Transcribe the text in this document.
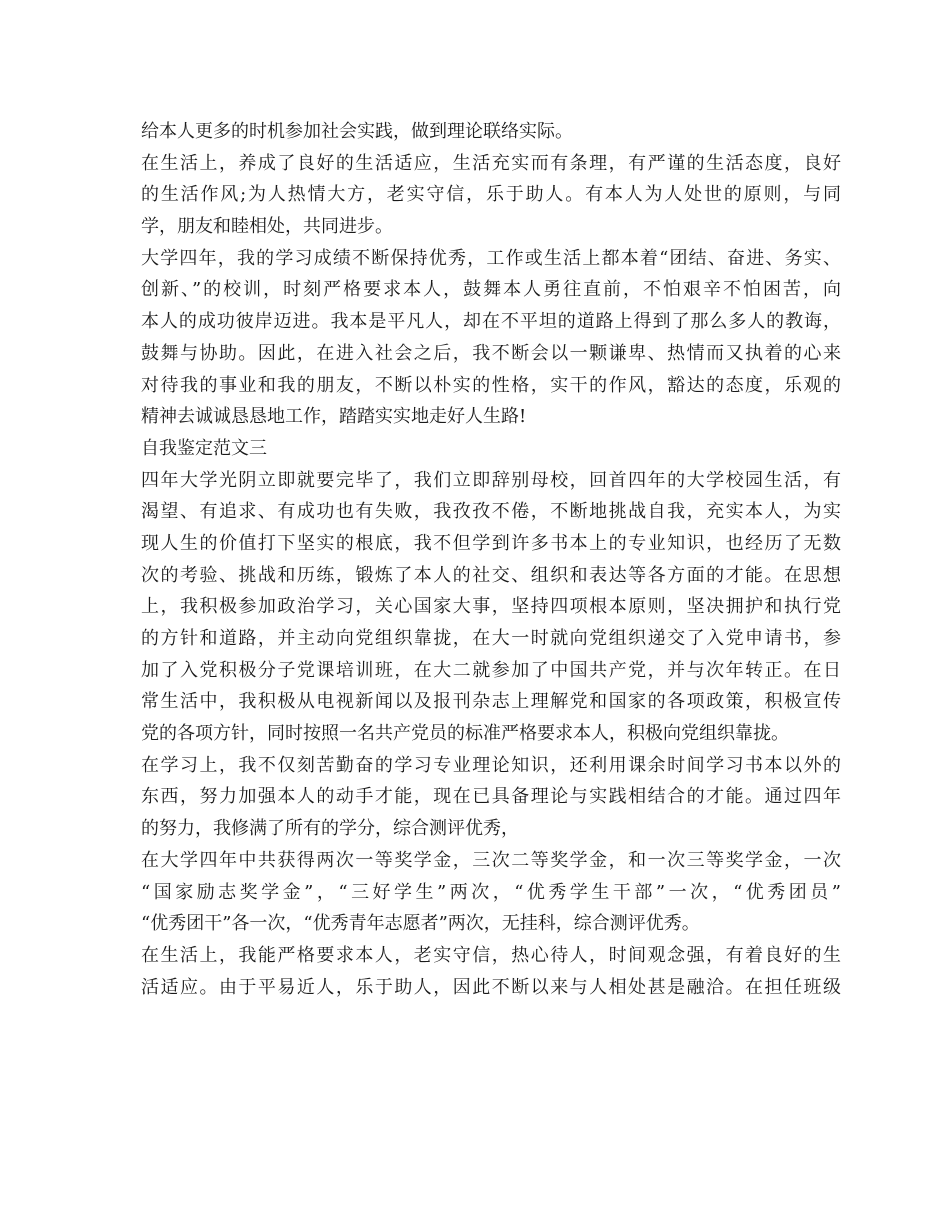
给本人更多的时机参加社会实践，做到理论联络实际。
在生活上，养成了良好的生活适应，生活充实而有条理，有严谨的生活态度，良好
的生活作风;为人热情大方，老实守信，乐于助人。有本人为人处世的原则，与同
学，朋友和睦相处，共同进步。
大学四年，我的学习成绩不断保持优秀，工作或生活上都本着“团结、奋进、务实、
创新、”的校训，时刻严格要求本人，鼓舞本人勇往直前，不怕艰辛不怕困苦，向
本人的成功彼岸迈进。我本是平凡人，却在不平坦的道路上得到了那么多人的教诲，
鼓舞与协助。因此，在进入社会之后，我不断会以一颗谦卑、热情而又执着的心来
对待我的事业和我的朋友，不断以朴实的性格，实干的作风，豁达的态度，乐观的
精神去诚诚恳恳地工作，踏踏实实地走好人生路!
自我鉴定范文三
四年大学光阴立即就要完毕了，我们立即辞别母校，回首四年的大学校园生活，有
渴望、有追求、有成功也有失败，我孜孜不倦，不断地挑战自我，充实本人，为实
现人生的价值打下坚实的根底，我不但学到许多书本上的专业知识，也经历了无数
次的考验、挑战和历练，锻炼了本人的社交、组织和表达等各方面的才能。在思想
上，我积极参加政治学习，关心国家大事，坚持四项根本原则，坚决拥护和执行党
的方针和道路，并主动向党组织靠拢，在大一时就向党组织递交了入党申请书，参
加了入党积极分子党课培训班，在大二就参加了中国共产党，并与次年转正。在日
常生活中，我积极从电视新闻以及报刊杂志上理解党和国家的各项政策，积极宣传
党的各项方针，同时按照一名共产党员的标准严格要求本人，积极向党组织靠拢。
在学习上，我不仅刻苦勤奋的学习专业理论知识，还利用课余时间学习书本以外的
东西，努力加强本人的动手才能，现在已具备理论与实践相结合的才能。通过四年
的努力，我修满了所有的学分，综合测评优秀，
在大学四年中共获得两次一等奖学金，三次二等奖学金，和一次三等奖学金，一次
“国家励志奖学金”，“三好学生”两次，“优秀学生干部”一次，“优秀团员”
“优秀团干”各一次，“优秀青年志愿者”两次，无挂科，综合测评优秀。
在生活上，我能严格要求本人，老实守信，热心待人，时间观念强，有着良好的生
活适应。由于平易近人，乐于助人，因此不断以来与人相处甚是融洽。在担任班级
